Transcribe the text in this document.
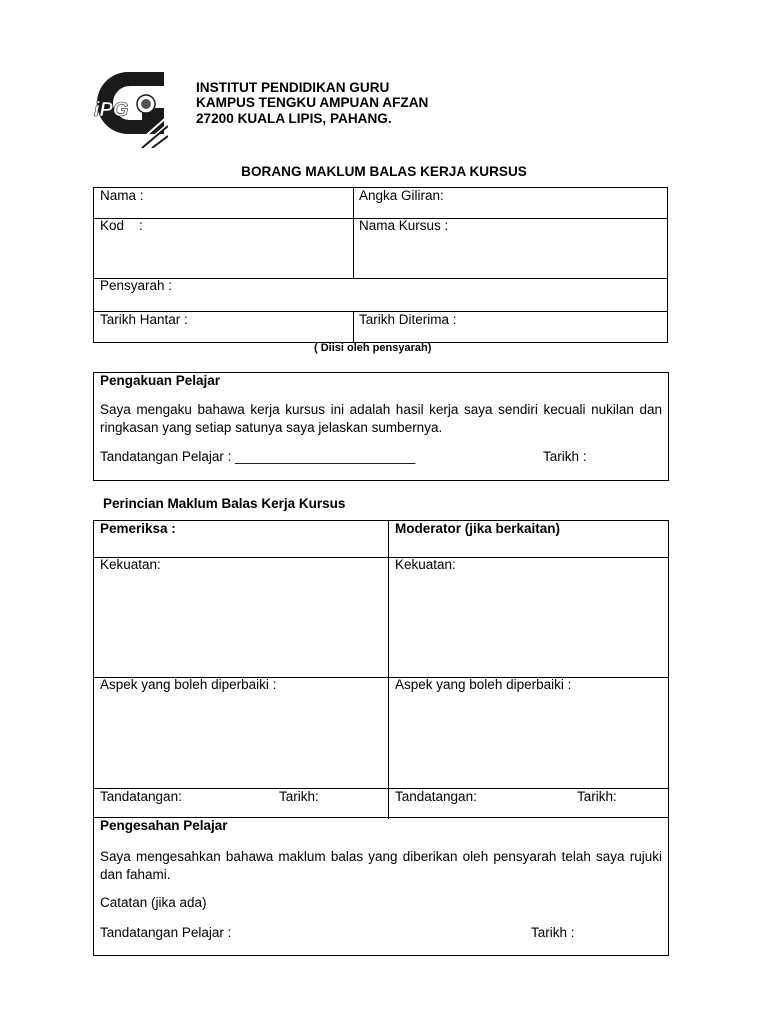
iPG
INSTITUT PENDIDIKAN GURU
KAMPUS TENGKU AMPUAN AFZAN
27200 KUALA LIPIS, PAHANG.
BORANG MAKLUM BALAS KERJA KURSUS
Nama :	Angka Giliran:
Kod    :	Nama Kursus :
Pensyarah :
Tarikh Hantar :	Tarikh Diterima :
( Diisi oleh pensyarah)
Pengakuan Pelajar
Saya mengaku bahawa kerja kursus ini adalah hasil kerja saya sendiri kecuali nukilan dan ringkasan yang setiap satunya saya jelaskan sumbernya.
Tandatangan Pelajar : ________________________	Tarikh :
Perincian Maklum Balas Kerja Kursus
Pemeriksa :	Moderator (jika berkaitan)
Kekuatan:	Kekuatan:
Aspek yang boleh diperbaiki :	Aspek yang boleh diperbaiki :
Tandatangan:	Tarikh:	Tandatangan:	Tarikh:
Pengesahan Pelajar
Saya mengesahkan bahawa maklum balas yang diberikan oleh pensyarah telah saya rujuki dan fahami.
Catatan (jika ada)
Tandatangan Pelajar :	Tarikh :
